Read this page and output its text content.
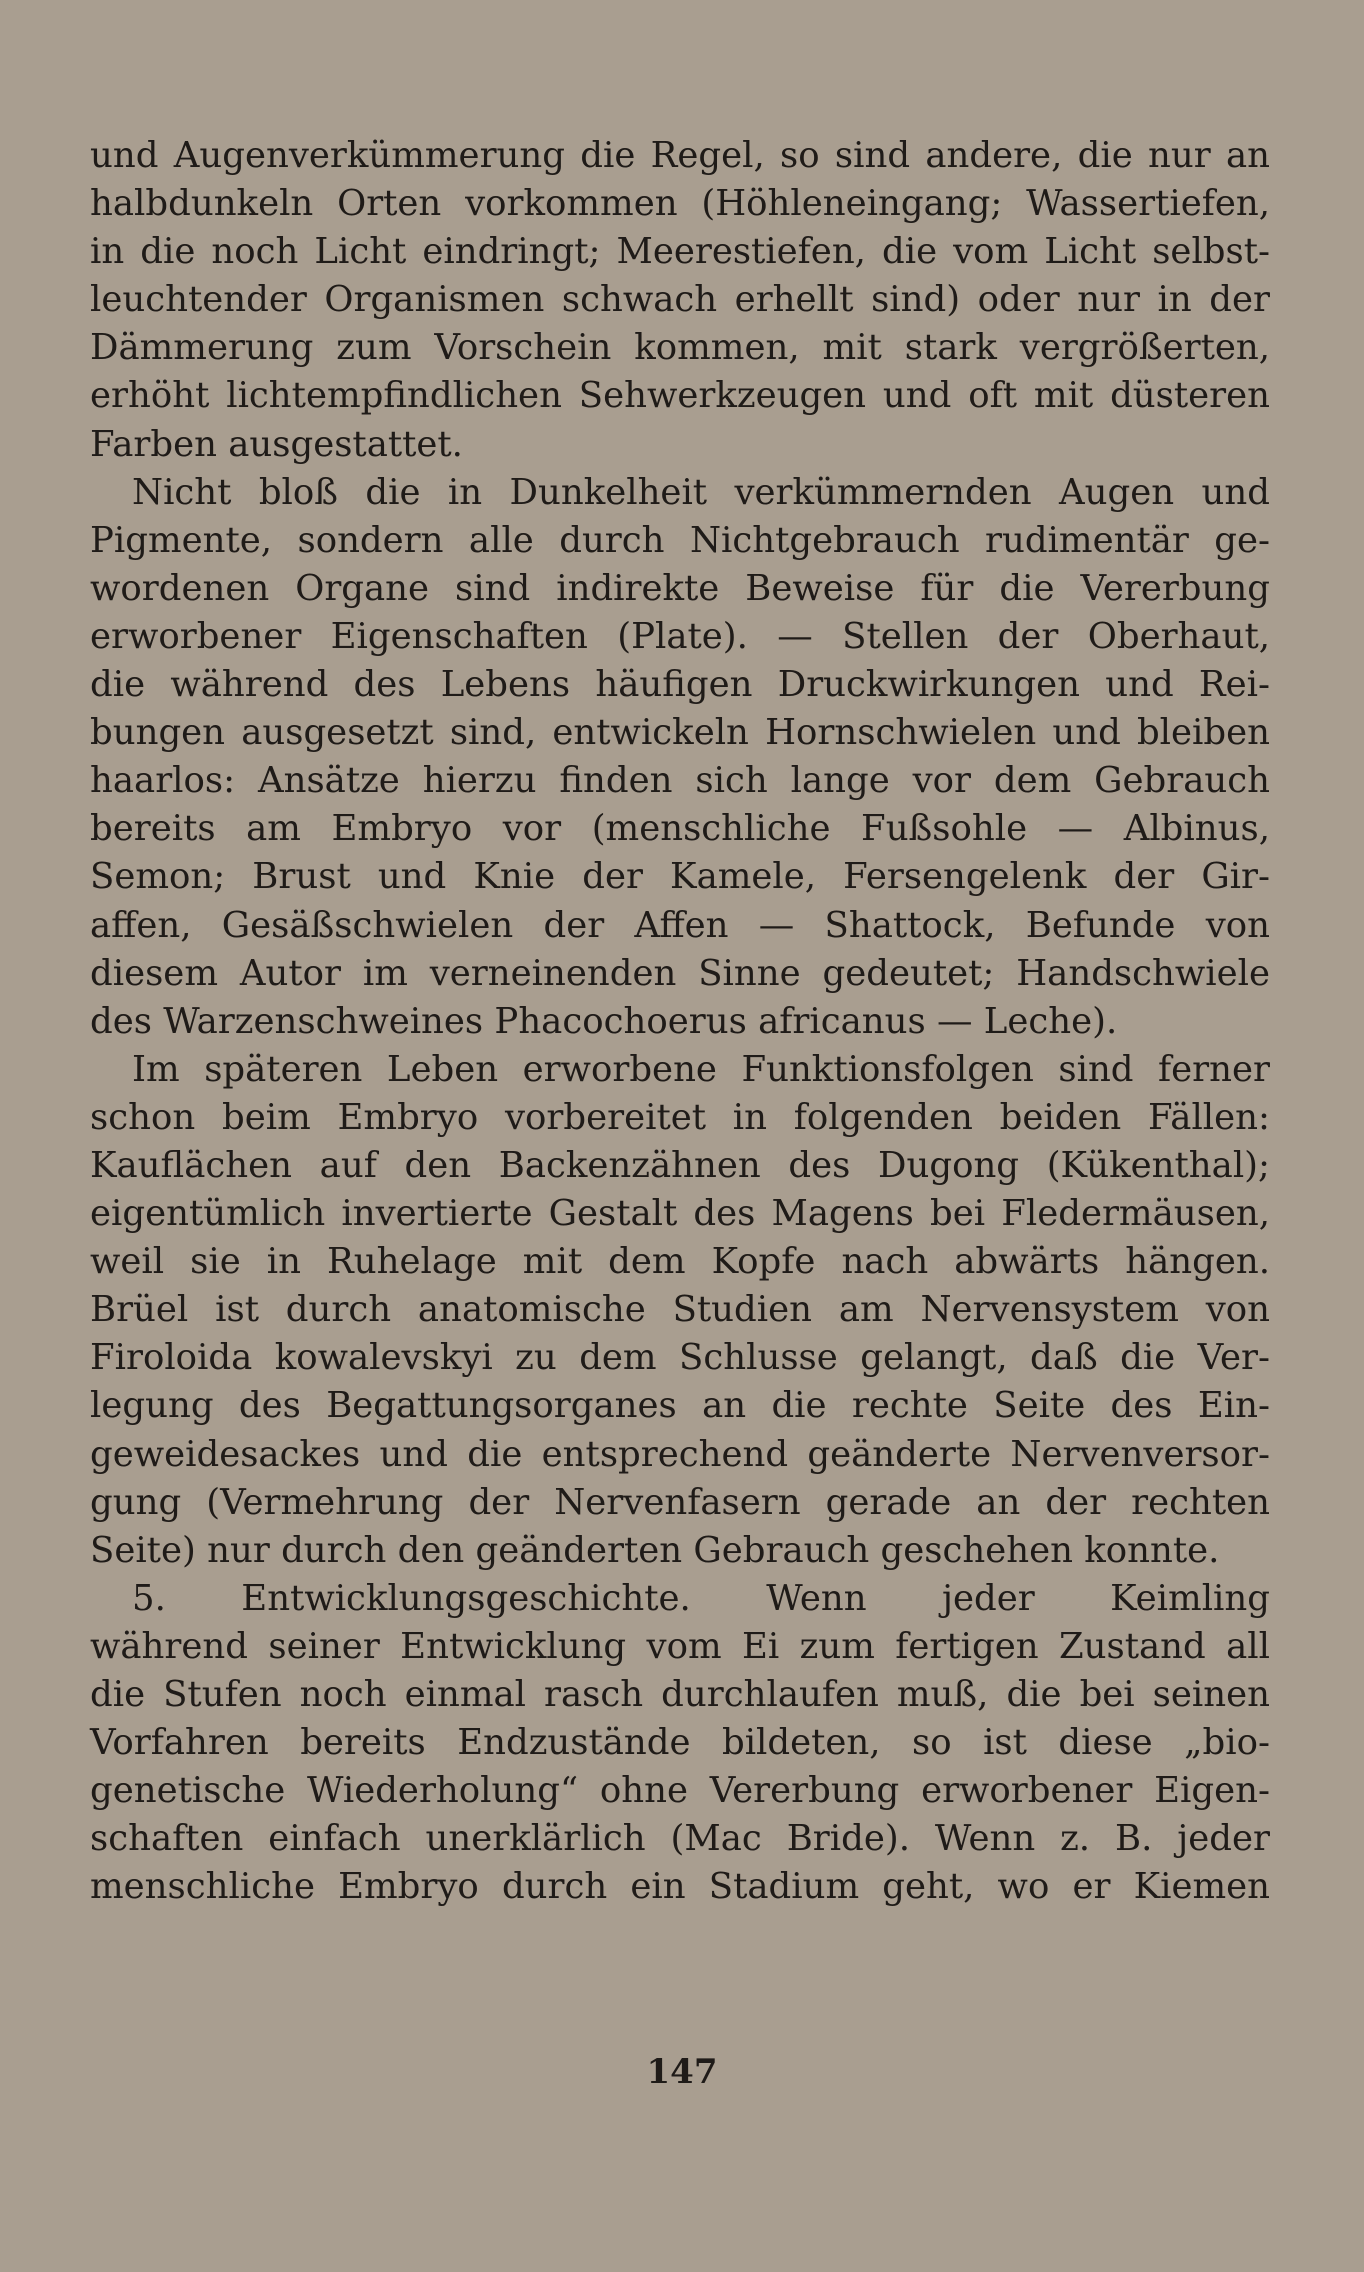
und Augenverkümmerung die Regel, so sind andere, die nur an
halbdunkeln Orten vorkommen (Höhleneingang; Wassertiefen,
in die noch Licht eindringt; Meerestiefen, die vom Licht selbst-
leuchtender Organismen schwach erhellt sind) oder nur in der
Dämmerung zum Vorschein kommen, mit stark vergrößerten,
erhöht lichtempfindlichen Sehwerkzeugen und oft mit düsteren
Farben ausgestattet.

Nicht bloß die in Dunkelheit verkümmernden Augen und
Pigmente, sondern alle durch Nichtgebrauch rudimentär ge-
wordenen Organe sind indirekte Beweise für die Vererbung
erworbener Eigenschaften (Plate). — Stellen der Oberhaut,
die während des Lebens häufigen Druckwirkungen und Rei-
bungen ausgesetzt sind, entwickeln Hornschwielen und bleiben
haarlos: Ansätze hierzu finden sich lange vor dem Gebrauch
bereits am Embryo vor (menschliche Fußsohle — Albinus,
Semon; Brust und Knie der Kamele, Fersengelenk der Gir-
affen, Gesäßschwielen der Affen — Shattock, Befunde von
diesem Autor im verneinenden Sinne gedeutet; Handschwiele
des Warzenschweines Phacochoerus africanus — Leche).

Im späteren Leben erworbene Funktionsfolgen sind ferner
schon beim Embryo vorbereitet in folgenden beiden Fällen:
Kauflächen auf den Backenzähnen des Dugong (Kükenthal);
eigentümlich invertierte Gestalt des Magens bei Fledermäusen,
weil sie in Ruhelage mit dem Kopfe nach abwärts hängen.
Brüel ist durch anatomische Studien am Nervensystem von
Firoloida kowalevskyi zu dem Schlusse gelangt, daß die Ver-
legung des Begattungsorganes an die rechte Seite des Ein-
geweidesackes und die entsprechend geänderte Nervenversor-
gung (Vermehrung der Nervenfasern gerade an der rechten
Seite) nur durch den geänderten Gebrauch geschehen konnte.

5. Entwicklungsgeschichte. Wenn jeder Keimling
während seiner Entwicklung vom Ei zum fertigen Zustand all
die Stufen noch einmal rasch durchlaufen muß, die bei seinen
Vorfahren bereits Endzustände bildeten, so ist diese „bio-
genetische Wiederholung“ ohne Vererbung erworbener Eigen-
schaften einfach unerklärlich (Mac Bride). Wenn z. B. jeder
menschliche Embryo durch ein Stadium geht, wo er Kiemen

147
